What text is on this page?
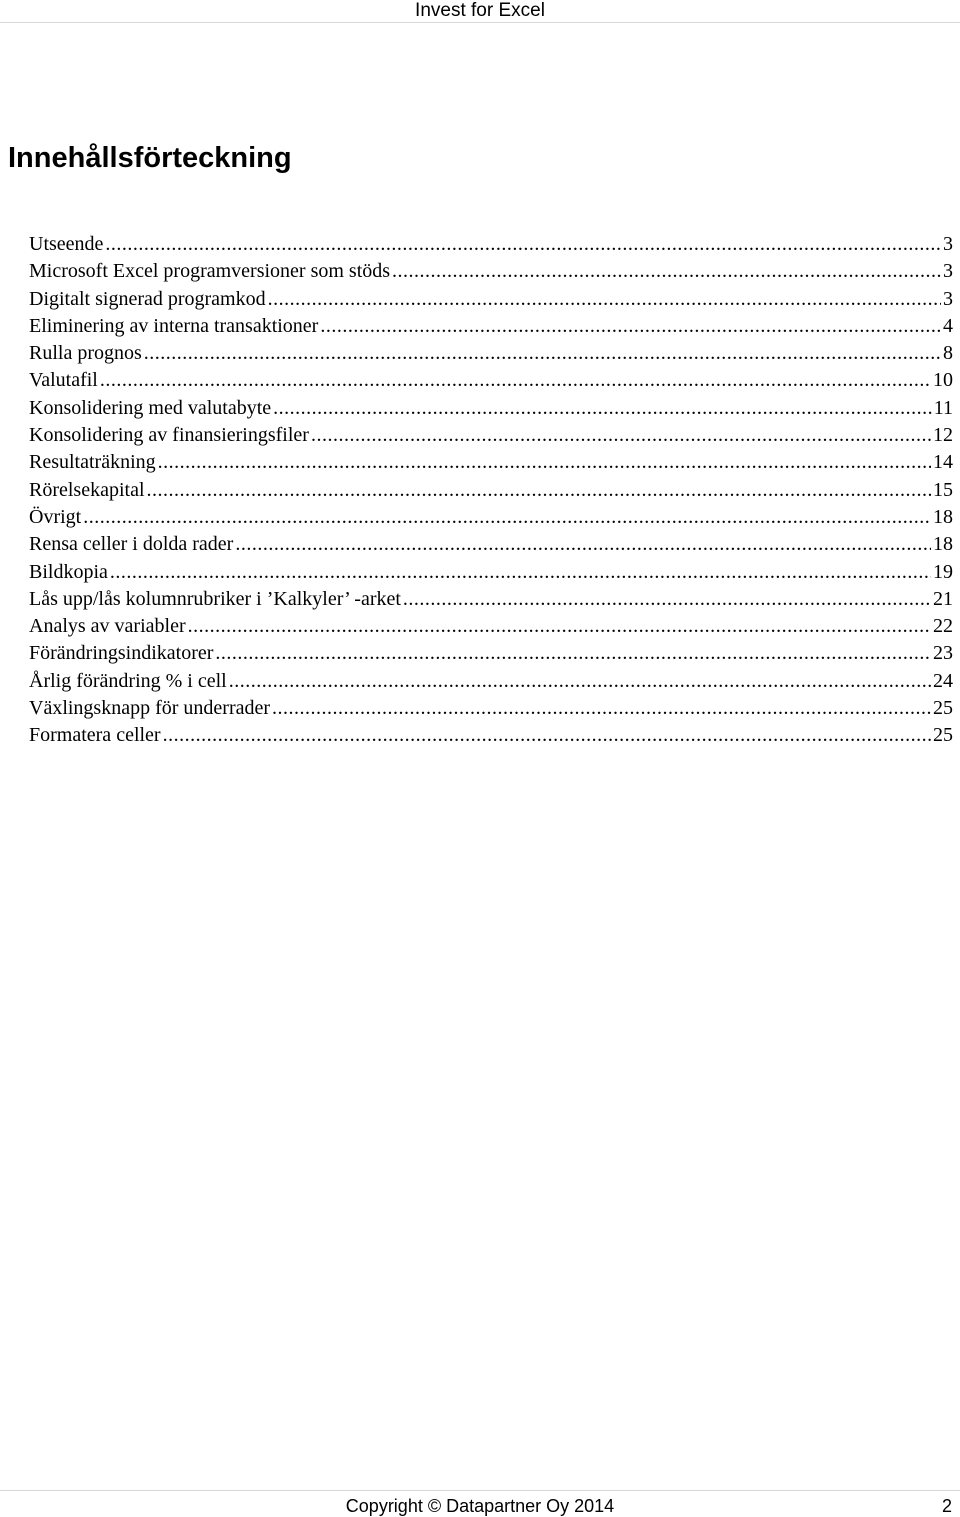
Invest for Excel
Innehållsförteckning
Utseende .....	3
Microsoft Excel programversioner som stöds .....	3
Digitalt signerad programkod .....	3
Eliminering av interna transaktioner .....	4
Rulla prognos .....	8
Valutafil .....	10
Konsolidering med valutabyte .....	11
Konsolidering av finansieringsfiler .....	12
Resultaträkning .....	14
Rörelsekapital .....	15
Övrigt .....	18
Rensa celler i dolda rader .....	18
Bildkopia .....	19
Lås upp/lås kolumnrubriker i ’Kalkyler’ -arket .....	21
Analys av variabler .....	22
Förändringsindikatorer .....	23
Årlig förändring % i cell .....	24
Växlingsknapp för underrader .....	25
Formatera celler .....	25
Copyright © Datapartner Oy 2014	2
